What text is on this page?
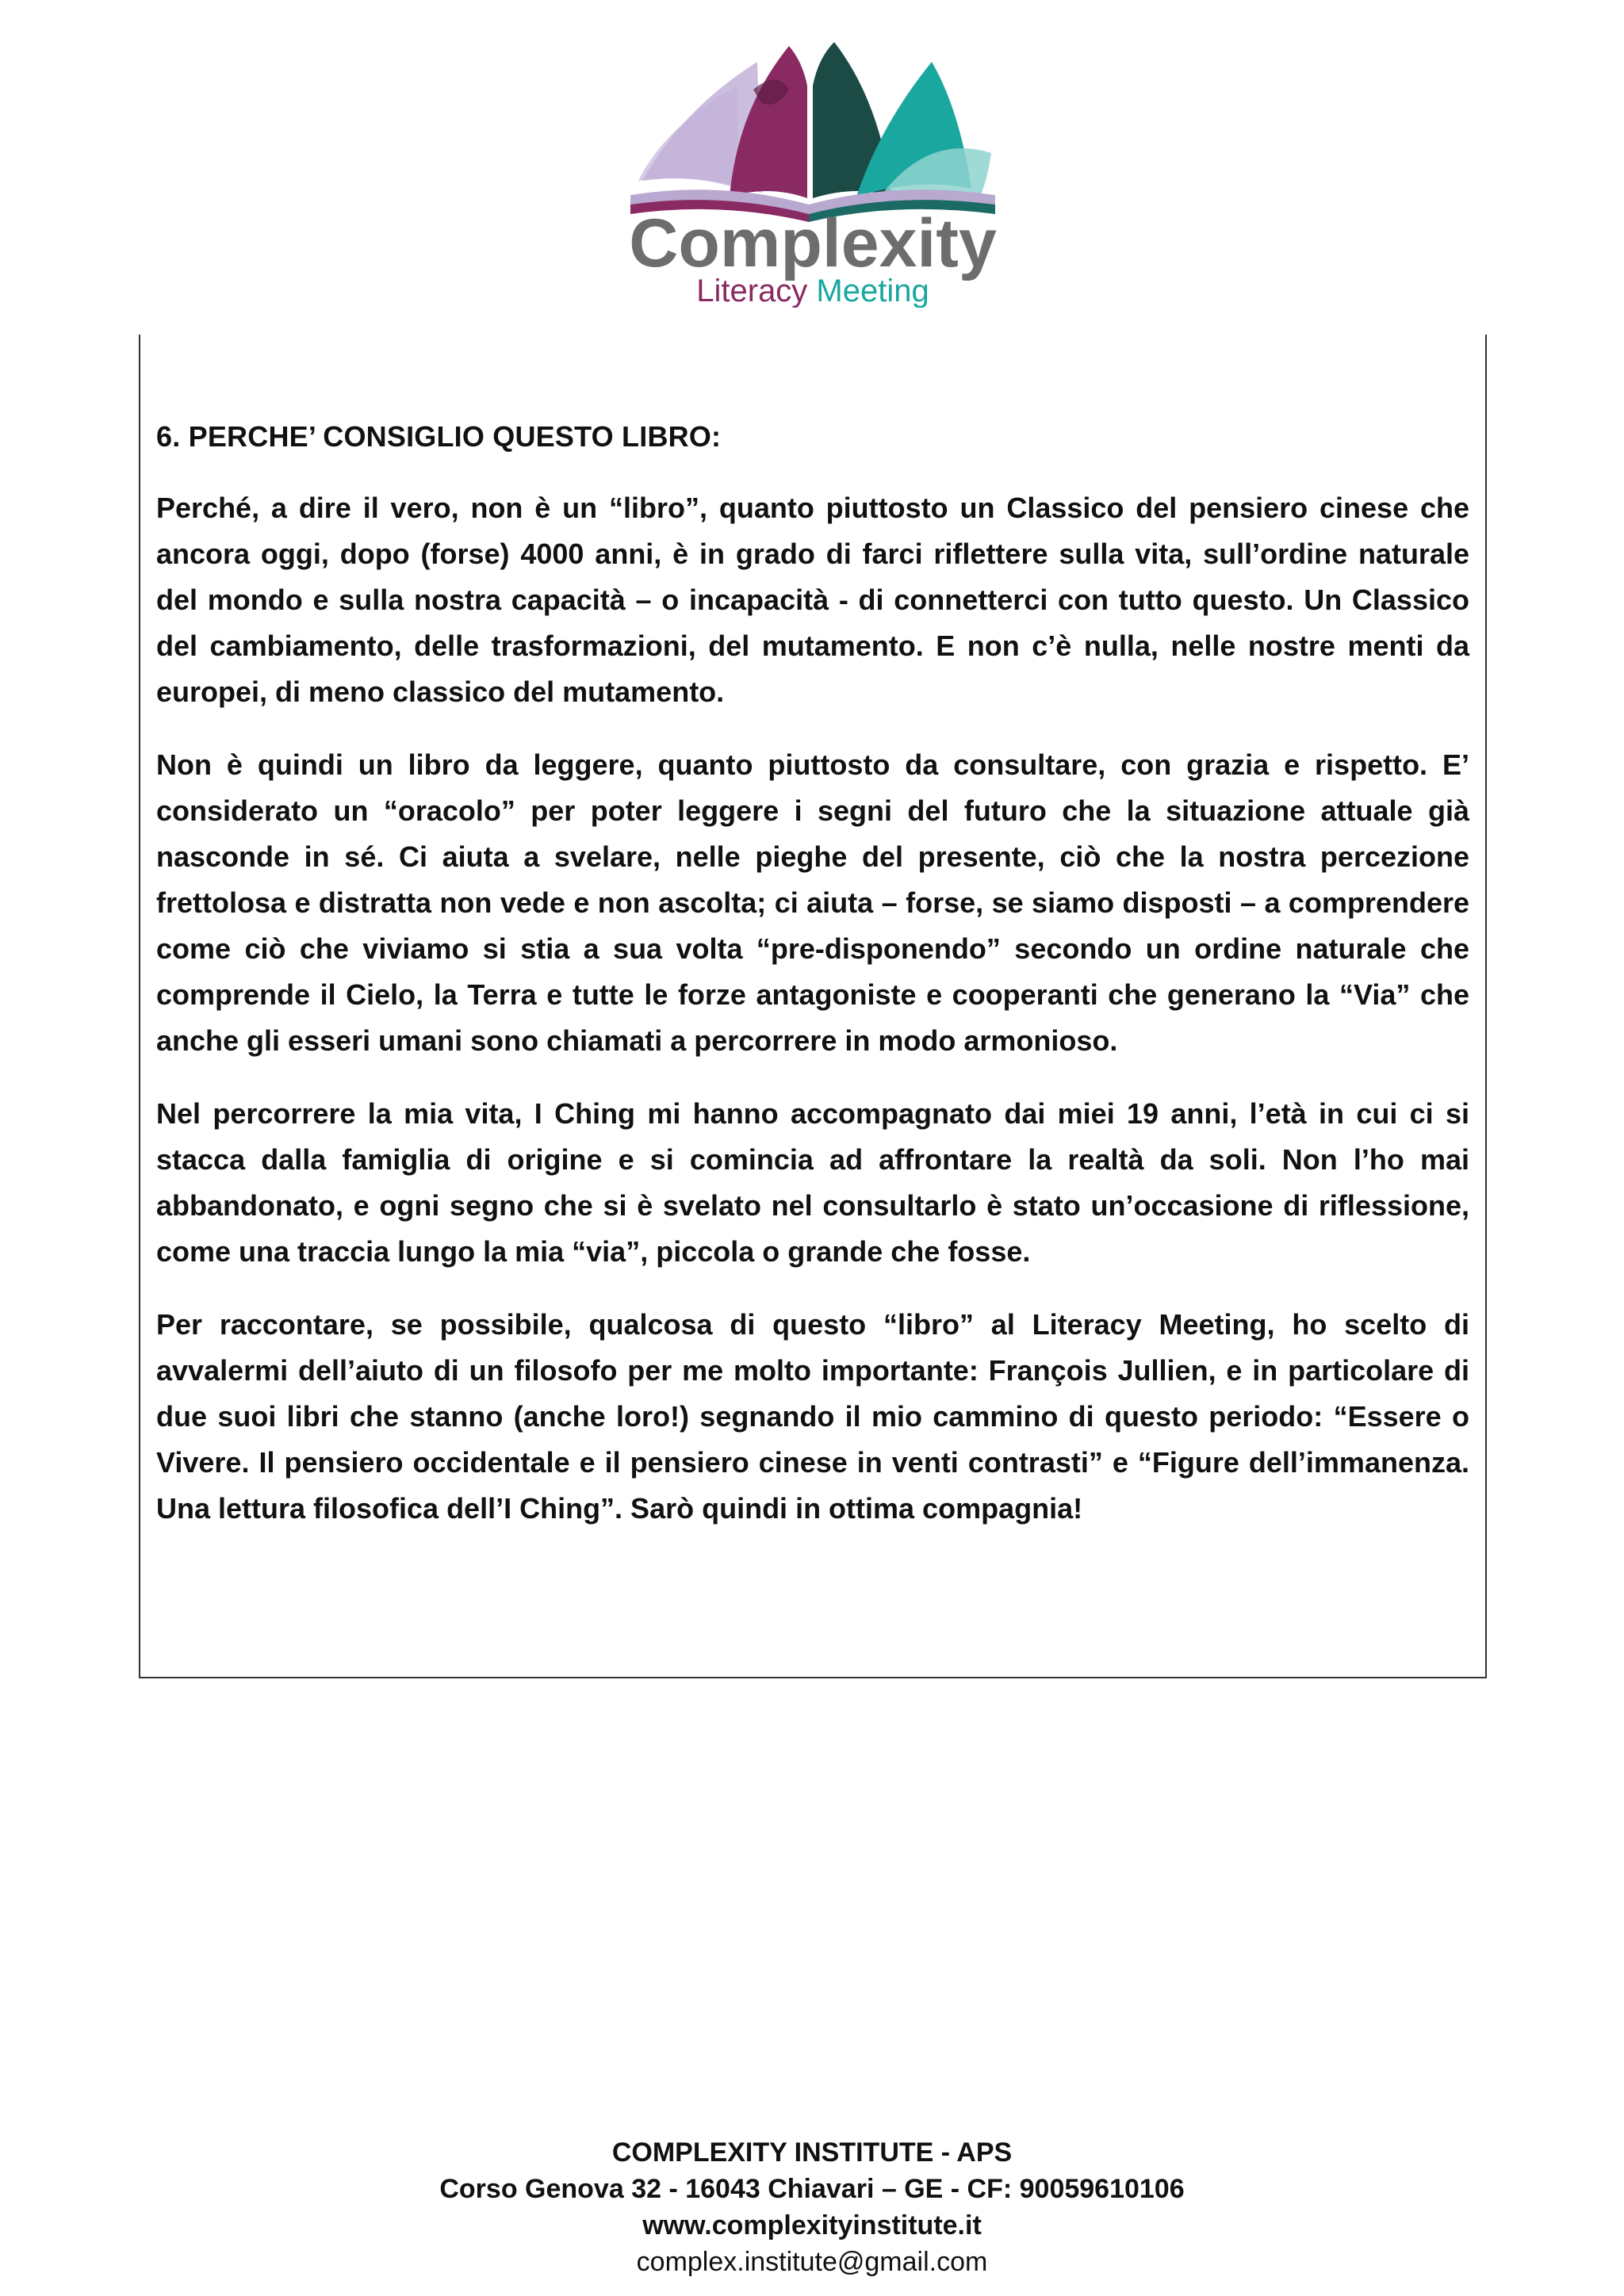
Complexity
Literacy Meeting
6. PERCHE’ CONSIGLIO QUESTO LIBRO:

Perché, a dire il vero, non è un “libro”, quanto piuttosto un Classico del pensiero cinese che ancora oggi, dopo (forse) 4000 anni, è in grado di farci riflettere sulla vita, sull’ordine naturale del mondo e sulla nostra capacità – o incapacità - di connetterci con tutto questo. Un Classico del cambiamento, delle trasformazioni, del mutamento. E non c’è nulla, nelle nostre menti da europei, di meno classico del mutamento.

Non è quindi un libro da leggere, quanto piuttosto da consultare, con grazia e rispetto. E’ considerato un “oracolo” per poter leggere i segni del futuro che la situazione attuale già nasconde in sé. Ci aiuta a svelare, nelle pieghe del presente, ciò che la nostra percezione frettolosa e distratta non vede e non ascolta; ci aiuta – forse, se siamo disposti – a comprendere come ciò che viviamo si stia a sua volta “pre-disponendo” secondo un ordine naturale che comprende il Cielo, la Terra e tutte le forze antagoniste e cooperanti che generano la “Via” che anche gli esseri umani sono chiamati a percorrere in modo armonioso.

Nel percorrere la mia vita, I Ching mi hanno accompagnato dai miei 19 anni, l’età in cui ci si stacca dalla famiglia di origine e si comincia ad affrontare la realtà da soli. Non l’ho mai abbandonato, e ogni segno che si è svelato nel consultarlo è stato un’occasione di riflessione, come una traccia lungo la mia “via”, piccola o grande che fosse.

Per raccontare, se possibile, qualcosa di questo “libro” al Literacy Meeting, ho scelto di avvalermi dell’aiuto di un filosofo per me molto importante: François Jullien, e in particolare di due suoi libri che stanno (anche loro!) segnando il mio cammino di questo periodo: “Essere o Vivere. Il pensiero occidentale e il pensiero cinese in venti contrasti” e “Figure dell’immanenza. Una lettura filosofica dell’I Ching”. Sarò quindi in ottima compagnia!

COMPLEXITY INSTITUTE - APS
Corso Genova 32 - 16043 Chiavari – GE - CF: 90059610106
www.complexityinstitute.it
complex.institute@gmail.com
